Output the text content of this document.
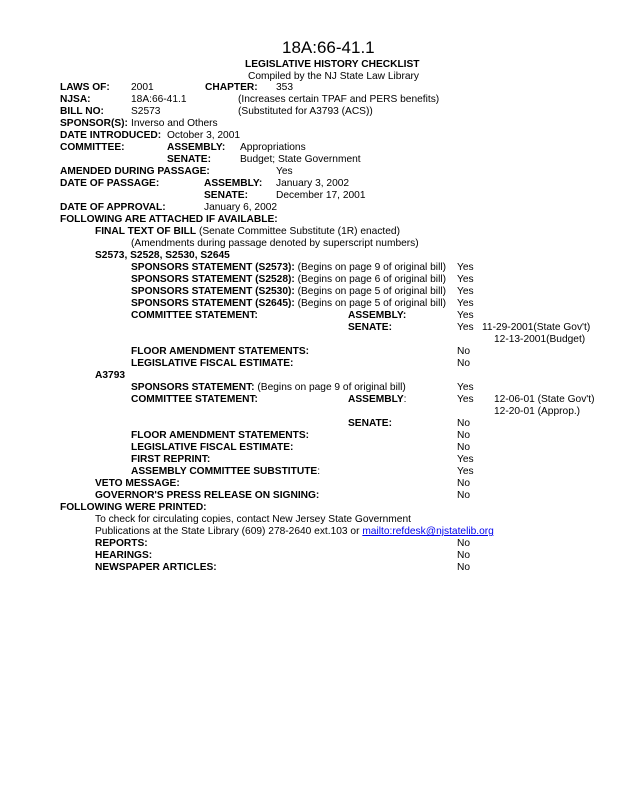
18A:66-41.1
LEGISLATIVE HISTORY CHECKLIST
Compiled by the NJ State Law Library
LAWS OF: 2001	CHAPTER: 353
NJSA:	18A:66-41.1	(Increases certain TPAF and PERS benefits)
BILL NO:	S2573	(Substituted for A3793 (ACS))
SPONSOR(S): Inverso and Others
DATE INTRODUCED: October 3, 2001
COMMITTEE:	ASSEMBLY: Appropriations
SENATE:	Budget; State Government
AMENDED DURING PASSAGE:	Yes
DATE OF PASSAGE:	ASSEMBLY: January 3, 2002
SENATE:	December 17, 2001
DATE OF APPROVAL:	January 6, 2002
FOLLOWING ARE ATTACHED IF AVAILABLE:
FINAL TEXT OF BILL (Senate Committee Substitute (1R) enacted)
(Amendments during passage denoted by superscript numbers)
S2573, S2528, S2530, S2645
SPONSORS STATEMENT (S2573): (Begins on page 9 of original bill) Yes
SPONSORS STATEMENT (S2528): (Begins on page 6 of original bill) Yes
SPONSORS STATEMENT (S2530): (Begins on page 5 of original bill) Yes
SPONSORS STATEMENT (S2645): (Begins on page 5 of original bill) Yes
COMMITTEE STATEMENT:	ASSEMBLY:	Yes
SENATE:	Yes 11-29-2001(State Gov't)
12-13-2001(Budget)
FLOOR AMENDMENT STATEMENTS:	No
LEGISLATIVE FISCAL ESTIMATE:	No
A3793
SPONSORS STATEMENT: (Begins on page 9 of original bill)	Yes
COMMITTEE STATEMENT:	ASSEMBLY:	Yes 12-06-01 (State Gov't)
12-20-01 (Approp.)
SENATE:	No
FLOOR AMENDMENT STATEMENTS:	No
LEGISLATIVE FISCAL ESTIMATE:	No
FIRST REPRINT:	Yes
ASSEMBLY COMMITTEE SUBSTITUTE:	Yes
VETO MESSAGE:	No
GOVERNOR'S PRESS RELEASE ON SIGNING:	No
FOLLOWING WERE PRINTED:
To check for circulating copies, contact New Jersey State Government
Publications at the State Library (609) 278-2640 ext.103 or mailto:refdesk@njstatelib.org
REPORTS:	No
HEARINGS:	No
NEWSPAPER ARTICLES:	No
